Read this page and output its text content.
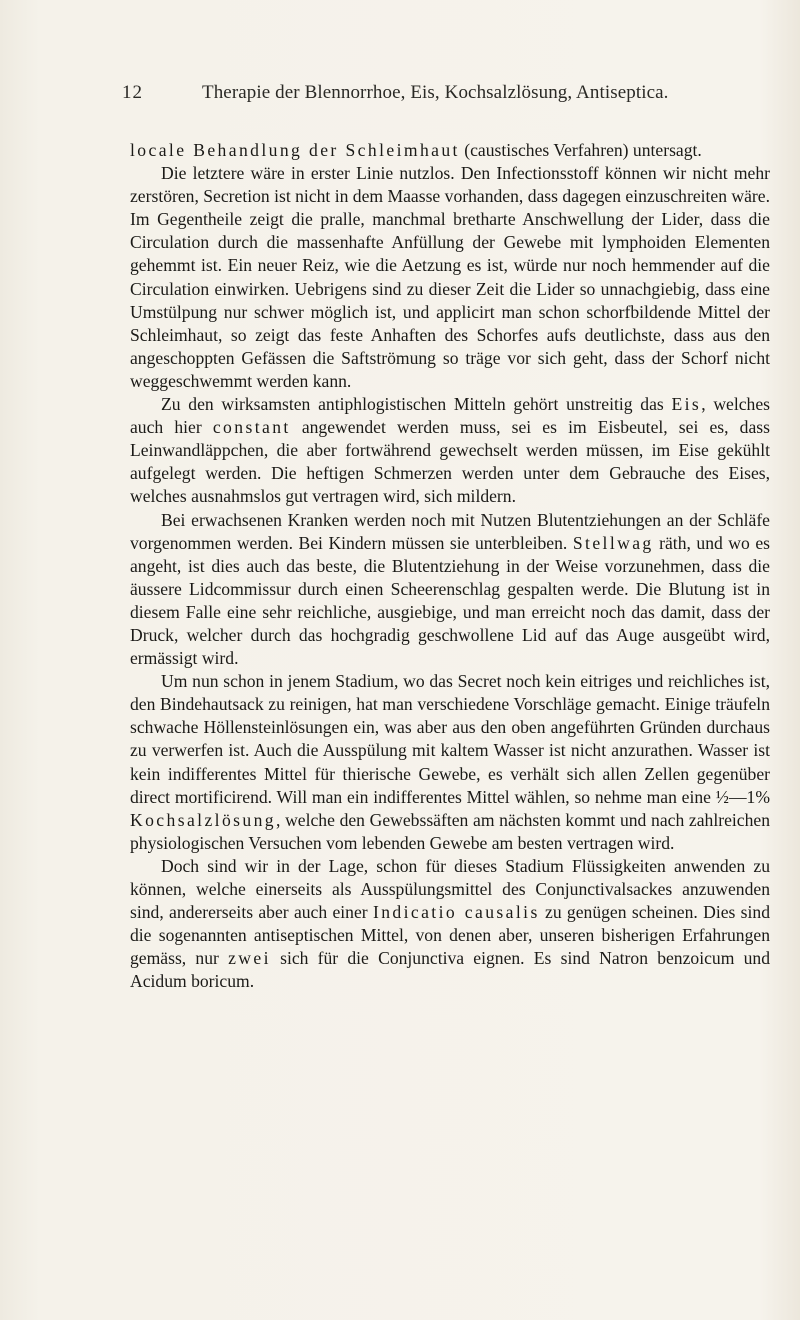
12	Therapie der Blennorrhoe, Eis, Kochsalzlösung, Antiseptica.

locale Behandlung der Schleimhaut (caustisches Verfahren) untersagt.

Die letztere wäre in erster Linie nutzlos. Den Infectionsstoff können wir nicht mehr zerstören, Secretion ist nicht in dem Maasse vorhanden, dass dagegen einzuschreiten wäre. Im Gegentheile zeigt die pralle, manchmal bretharte Anschwellung der Lider, dass die Circulation durch die massenhafte Anfüllung der Gewebe mit lymphoiden Elementen gehemmt ist. Ein neuer Reiz, wie die Aetzung es ist, würde nur noch hemmender auf die Circulation einwirken. Uebrigens sind zu dieser Zeit die Lider so unnachgiebig, dass eine Umstülpung nur schwer möglich ist, und applicirt man schon schorfbildende Mittel der Schleimhaut, so zeigt das feste Anhaften des Schorfes aufs deutlichste, dass aus den angeschoppten Gefässen die Saftströmung so träge vor sich geht, dass der Schorf nicht weggeschwemmt werden kann.

Zu den wirksamsten antiphlogistischen Mitteln gehört unstreitig das Eis, welches auch hier constant angewendet werden muss, sei es im Eisbeutel, sei es, dass Leinwandläppchen, die aber fortwährend gewechselt werden müssen, im Eise gekühlt aufgelegt werden. Die heftigen Schmerzen werden unter dem Gebrauche des Eises, welches ausnahmslos gut vertragen wird, sich mildern.

Bei erwachsenen Kranken werden noch mit Nutzen Blutentziehungen an der Schläfe vorgenommen werden. Bei Kindern müssen sie unterbleiben. Stellwag räth, und wo es angeht, ist dies auch das beste, die Blutentziehung in der Weise vorzunehmen, dass die äussere Lidcommissur durch einen Scheerenschlag gespalten werde. Die Blutung ist in diesem Falle eine sehr reichliche, ausgiebige, und man erreicht noch das damit, dass der Druck, welcher durch das hochgradig geschwollene Lid auf das Auge ausgeübt wird, ermässigt wird.

Um nun schon in jenem Stadium, wo das Secret noch kein eitriges und reichliches ist, den Bindehautsack zu reinigen, hat man verschiedene Vorschläge gemacht. Einige träufeln schwache Höllensteinlösungen ein, was aber aus den oben angeführten Gründen durchaus zu verwerfen ist. Auch die Ausspülung mit kaltem Wasser ist nicht anzurathen. Wasser ist kein indifferentes Mittel für thierische Gewebe, es verhält sich allen Zellen gegenüber direct mortificirend. Will man ein indifferentes Mittel wählen, so nehme man eine ½—1% Kochsalzlösung, welche den Gewebssäften am nächsten kommt und nach zahlreichen physiologischen Versuchen vom lebenden Gewebe am besten vertragen wird.

Doch sind wir in der Lage, schon für dieses Stadium Flüssigkeiten anwenden zu können, welche einerseits als Ausspülungsmittel des Conjunctivalsackes anzuwenden sind, andererseits aber auch einer Indicatio causalis zu genügen scheinen. Dies sind die sogenannten antiseptischen Mittel, von denen aber, unseren bisherigen Erfahrungen gemäss, nur zwei sich für die Conjunctiva eignen. Es sind Natron benzoicum und Acidum boricum.
